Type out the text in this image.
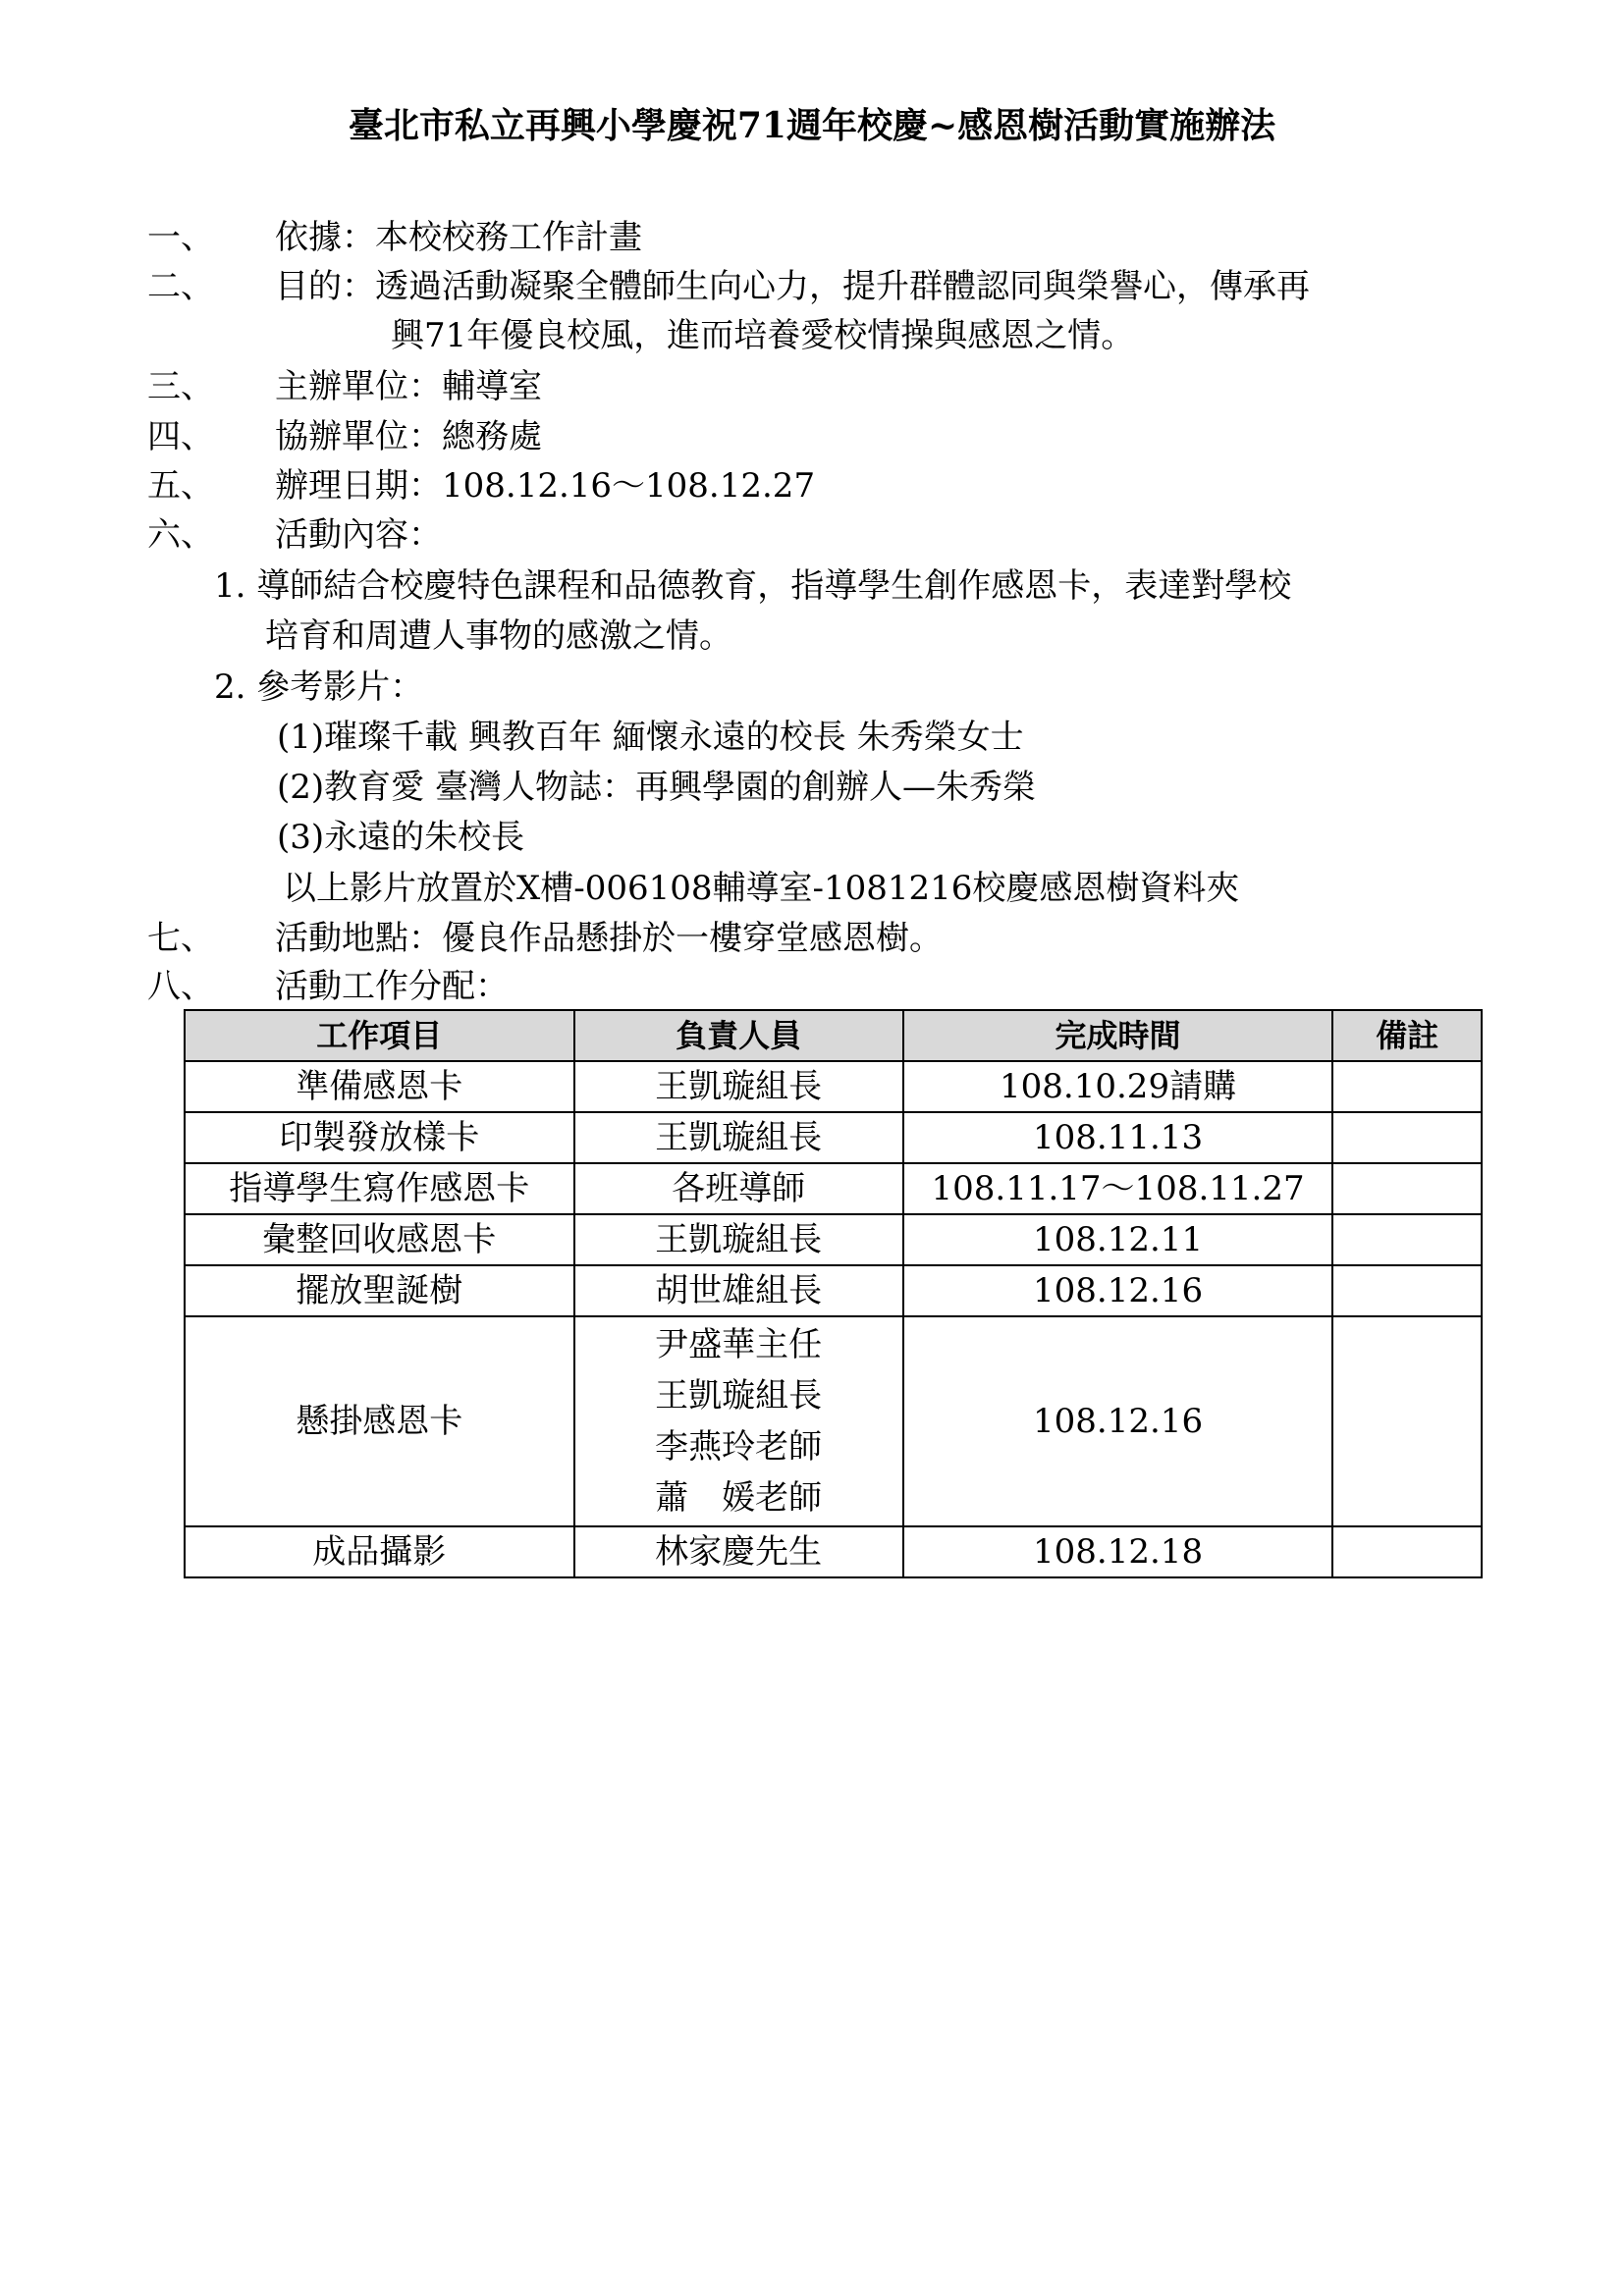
臺北市私立再興小學慶祝71週年校慶~感恩樹活動實施辦法
一、 依據：本校校務工作計畫
二、 目的：透過活動凝聚全體師生向心力，提升群體認同與榮譽心，傳承再
興71年優良校風，進而培養愛校情操與感恩之情。
三、 主辦單位：輔導室
四、 協辦單位：總務處
五、 辦理日期：108.12.16～108.12.27
六、 活動內容：
1. 導師結合校慶特色課程和品德教育，指導學生創作感恩卡，表達對學校
培育和周遭人事物的感激之情。
2. 參考影片：
(1)璀璨千載 興教百年 緬懷永遠的校長 朱秀榮女士
(2)教育愛 臺灣人物誌：再興學園的創辦人—朱秀榮
(3)永遠的朱校長
以上影片放置於X槽-006108輔導室-1081216校慶感恩樹資料夾
七、 活動地點：優良作品懸掛於一樓穿堂感恩樹。
八、 活動工作分配：
工作項目	負責人員	完成時間	備註
準備感恩卡	王凱璇組長	108.10.29請購	
印製發放樣卡	王凱璇組長	108.11.13	
指導學生寫作感恩卡	各班導師	108.11.17～108.11.27	
彙整回收感恩卡	王凱璇組長	108.12.11	
擺放聖誕樹	胡世雄組長	108.12.16	
懸掛感恩卡	尹盛華主任
王凱璇組長
李燕玲老師
蕭　媛老師	108.12.16	
成品攝影	林家慶先生	108.12.18	
